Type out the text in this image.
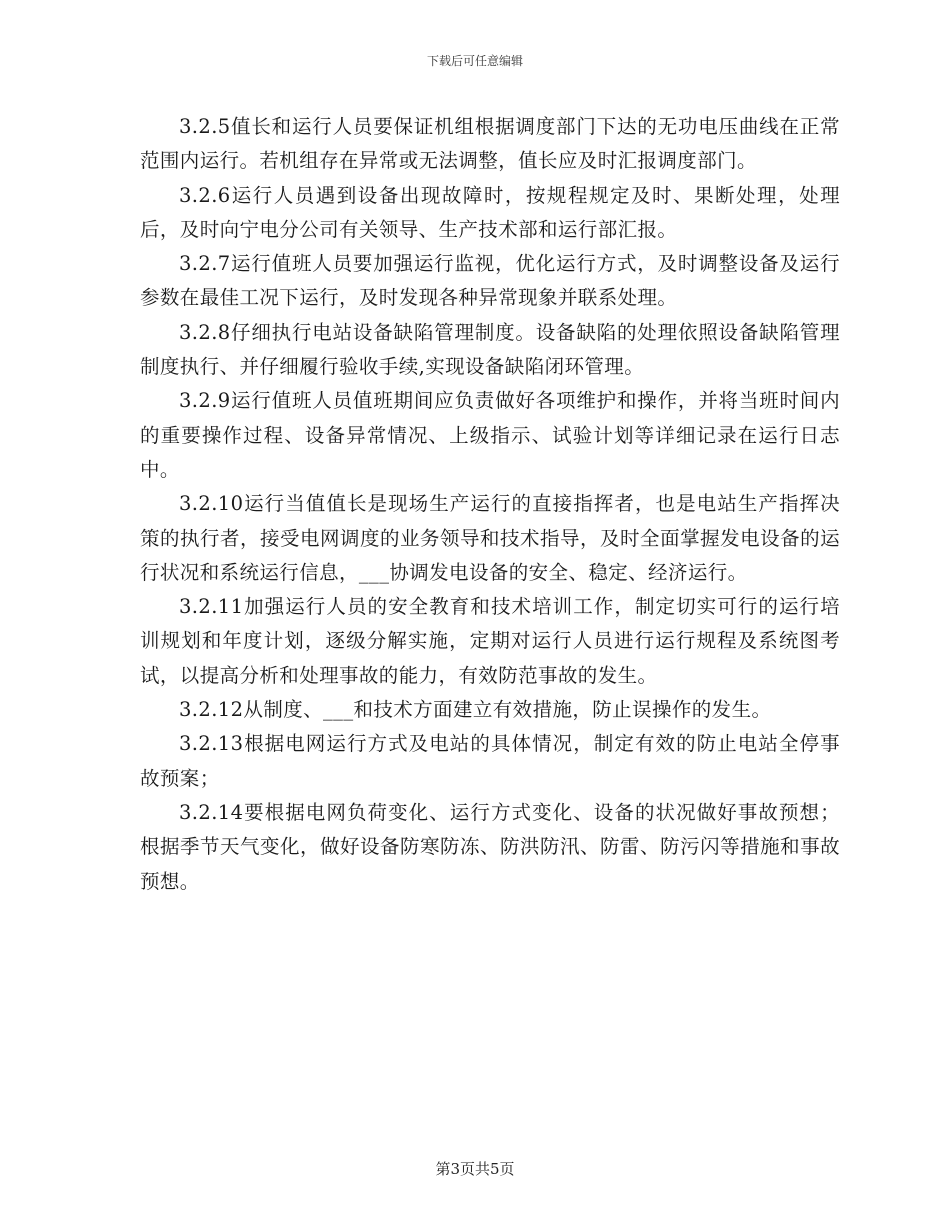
下载后可任意编辑

3.2.5值长和运行人员要保证机组根据调度部门下达的无功电压曲线在正常范围内运行。若机组存在异常或无法调整，值长应及时汇报调度部门。

3.2.6运行人员遇到设备出现故障时，按规程规定及时、果断处理，处理后，及时向宁电分公司有关领导、生产技术部和运行部汇报。

3.2.7运行值班人员要加强运行监视，优化运行方式，及时调整设备及运行参数在最佳工况下运行，及时发现各种异常现象并联系处理。

3.2.8仔细执行电站设备缺陷管理制度。设备缺陷的处理依照设备缺陷管理制度执行、并仔细履行验收手续,实现设备缺陷闭环管理。

3.2.9运行值班人员值班期间应负责做好各项维护和操作，并将当班时间内的重要操作过程、设备异常情况、上级指示、试验计划等详细记录在运行日志中。

3.2.10运行当值值长是现场生产运行的直接指挥者，也是电站生产指挥决策的执行者，接受电网调度的业务领导和技术指导，及时全面掌握发电设备的运行状况和系统运行信息，___协调发电设备的安全、稳定、经济运行。

3.2.11加强运行人员的安全教育和技术培训工作，制定切实可行的运行培训规划和年度计划，逐级分解实施，定期对运行人员进行运行规程及系统图考试，以提高分析和处理事故的能力，有效防范事故的发生。

3.2.12从制度、___和技术方面建立有效措施，防止误操作的发生。

3.2.13根据电网运行方式及电站的具体情况，制定有效的防止电站全停事故预案；

3.2.14要根据电网负荷变化、运行方式变化、设备的状况做好事故预想；根据季节天气变化，做好设备防寒防冻、防洪防汛、防雷、防污闪等措施和事故预想。

第3页共5页
